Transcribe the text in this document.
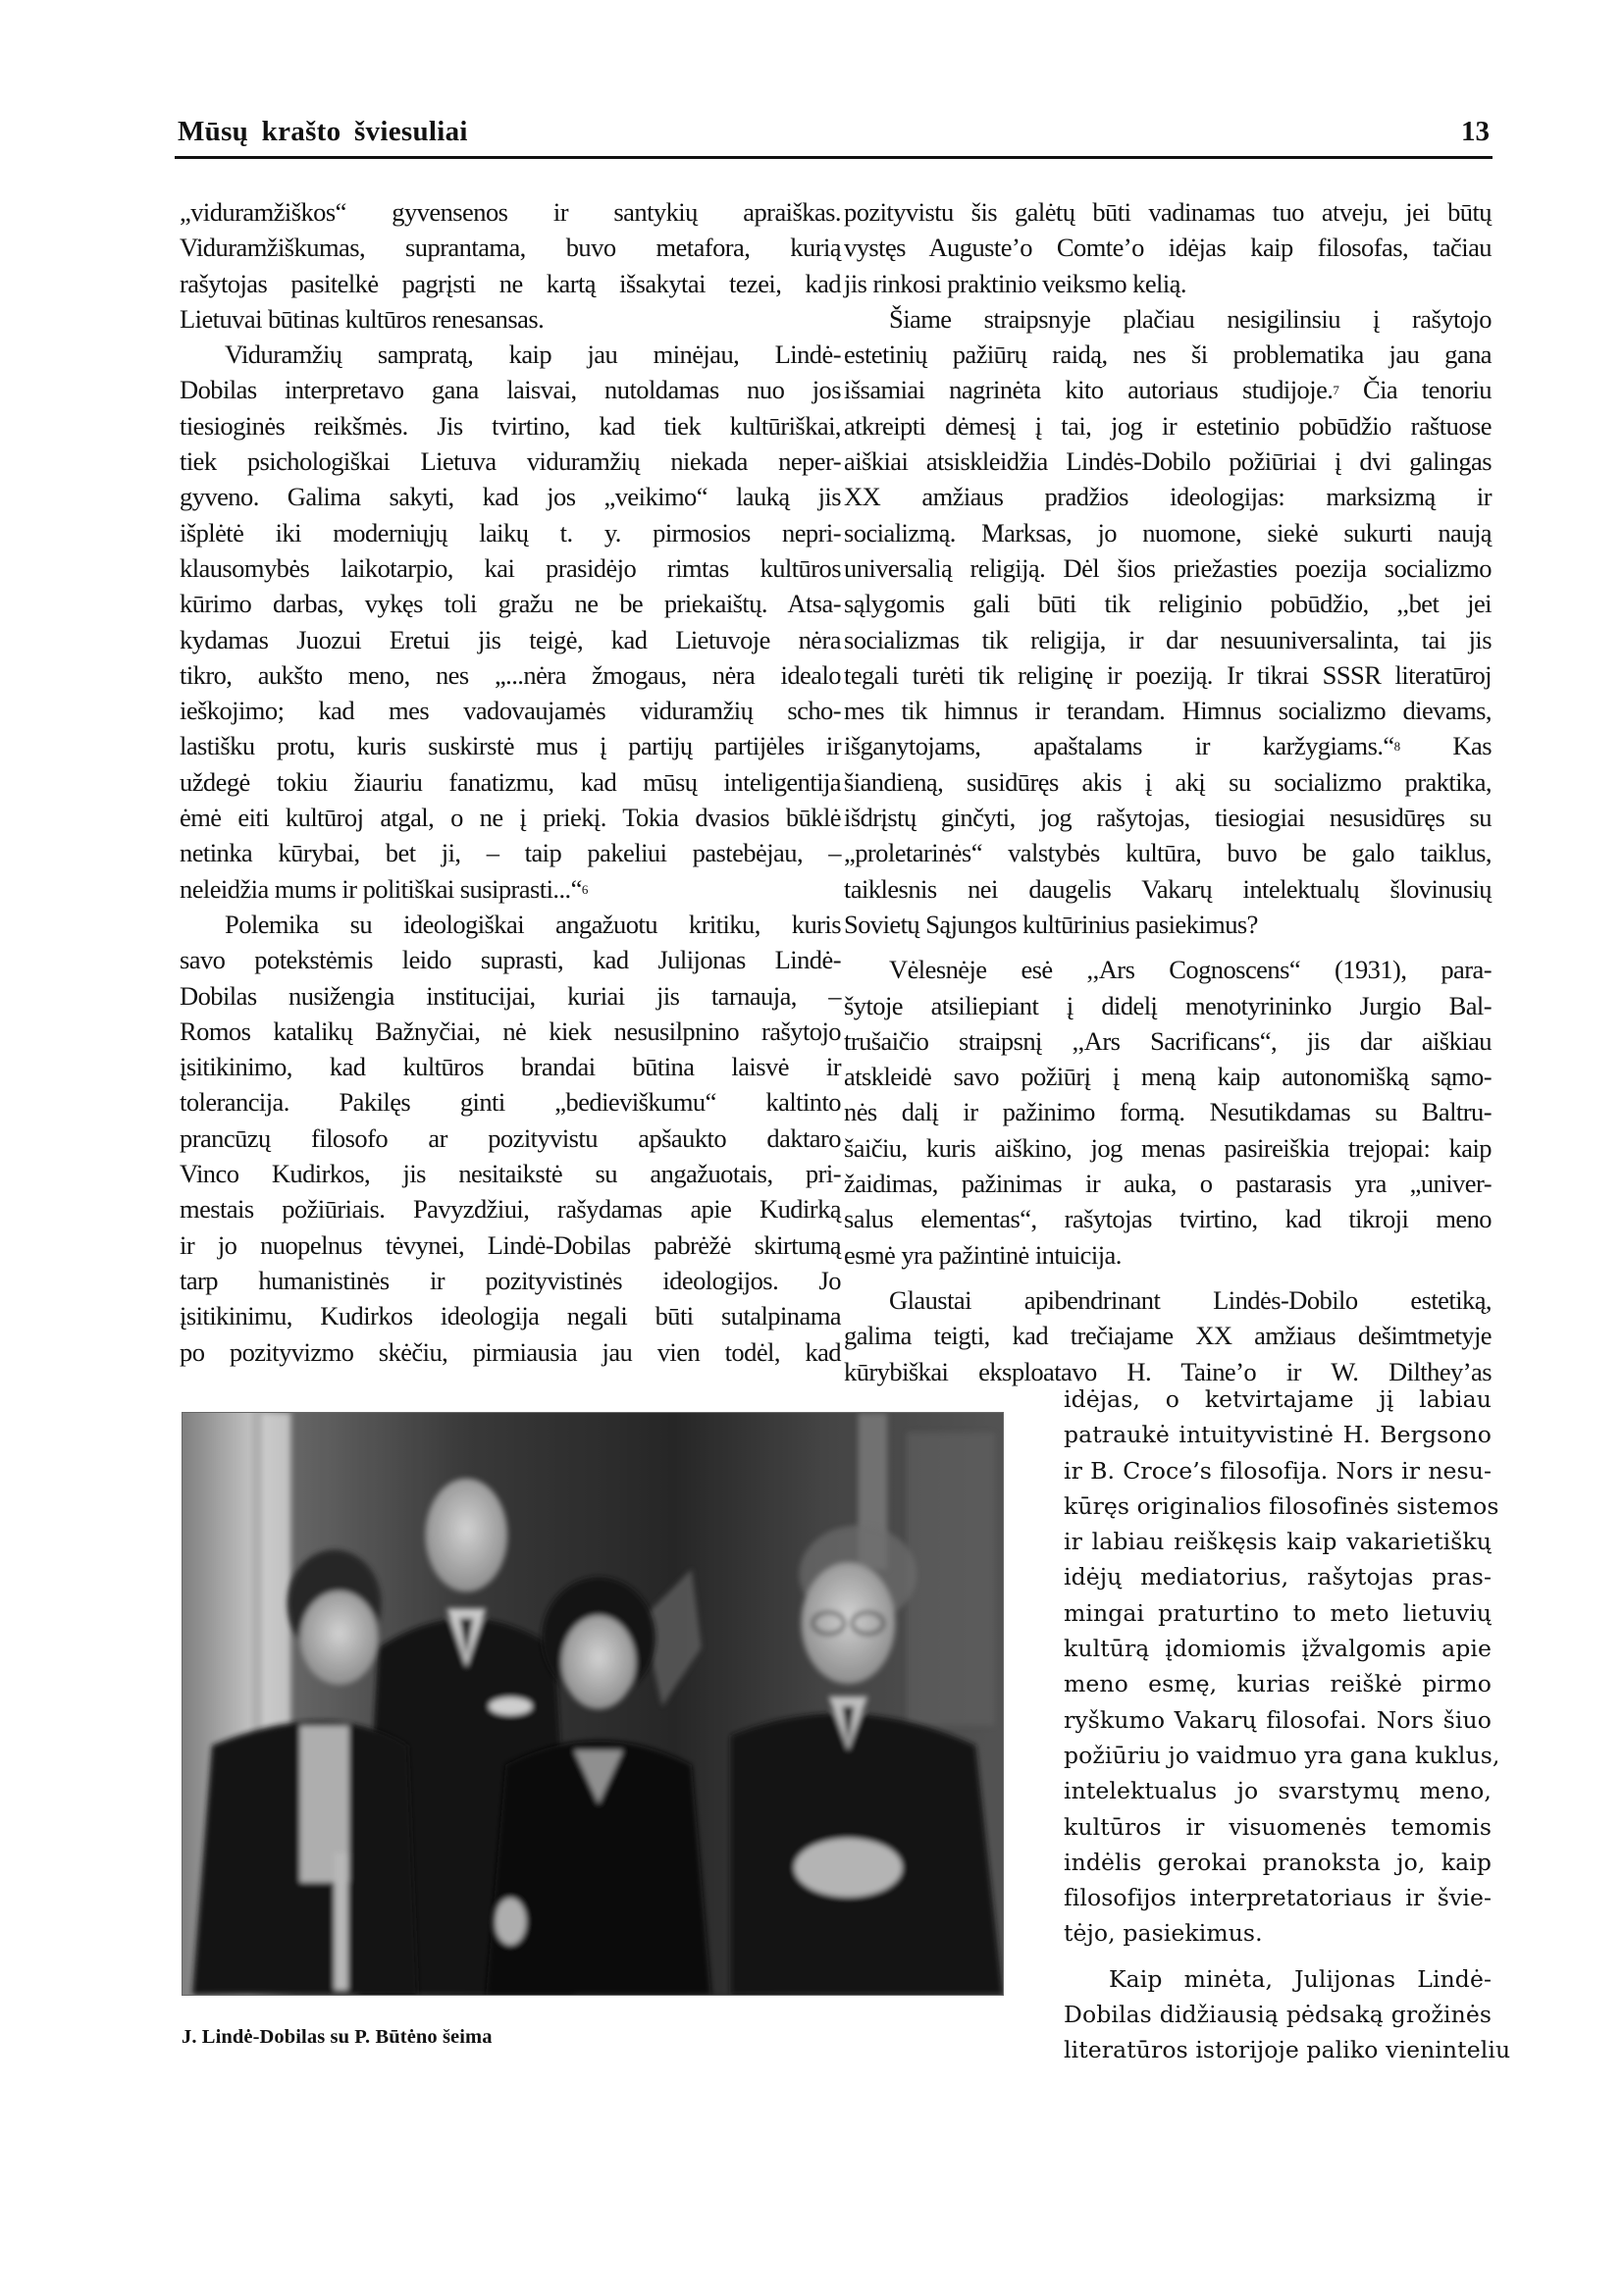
Mūsų krašto šviesuliai	13
„viduramžiškos“ gyvensenos ir santykių apraiškas.
Viduramžiškumas, suprantama, buvo metafora, kurią
rašytojas pasitelkė pagrįsti ne kartą išsakytai tezei, kad
Lietuvai būtinas kultūros renesansas.
Viduramžių sampratą, kaip jau minėjau, Lindė-
Dobilas interpretavo gana laisvai, nutoldamas nuo jos
tiesioginės reikšmės. Jis tvirtino, kad tiek kultūriškai,
tiek psichologiškai Lietuva viduramžių niekada neper-
gyveno. Galima sakyti, kad jos „veikimo“ lauką jis
išplėtė iki moderniųjų laikų t. y. pirmosios nepri-
klausomybės laikotarpio, kai prasidėjo rimtas kultūros
kūrimo darbas, vykęs toli gražu ne be priekaištų. Atsa-
kydamas Juozui Eretui jis teigė, kad Lietuvoje nėra
tikro, aukšto meno, nes „...nėra žmogaus, nėra idealo
ieškojimo; kad mes vadovaujamės viduramžių scho-
lastišku protu, kuris suskirstė mus į partijų partijėles ir
uždegė tokiu žiauriu fanatizmu, kad mūsų inteligentija
ėmė eiti kultūroj atgal, o ne į priekį. Tokia dvasios būklė
netinka kūrybai, bet ji, – taip pakeliui pastebėjau, –
neleidžia mums ir politiškai susiprasti...“$^6$
Polemika su ideologiškai angažuotu kritiku, kuris
savo potekstėmis leido suprasti, kad Julijonas Lindė-
Dobilas nusižengia institucijai, kuriai jis tarnauja, –
Romos katalikų Bažnyčiai, nė kiek nesusilpnino rašytojo
įsitikinimo, kad kultūros brandai būtina laisvė ir
tolerancija. Pakilęs ginti „bedieviškumu“ kaltinto
prancūzų filosofo ar pozityvistu apšaukto daktaro
Vinco Kudirkos, jis nesitaikstė su angažuotais, pri-
mestais požiūriais. Pavyzdžiui, rašydamas apie Kudirką
ir jo nuopelnus tėvynei, Lindė-Dobilas pabrėžė skirtumą
tarp humanistinės ir pozityvistinės ideologijos. Jo
įsitikinimu, Kudirkos ideologija negali būti sutalpinama
po pozityvizmo skėčiu, pirmiausia jau vien todėl, kad
pozityvistu šis galėtų būti vadinamas tuo atveju, jei būtų
vystęs Auguste’o Comte’o idėjas kaip filosofas, tačiau
jis rinkosi praktinio veiksmo kelią.
Šiame straipsnyje plačiau nesigilinsiu į rašytojo
estetinių pažiūrų raidą, nes ši problematika jau gana
išsamiai nagrinėta kito autoriaus studijoje.$^7$ Čia tenoriu
atkreipti dėmesį į tai, jog ir estetinio pobūdžio raštuose
aiškiai atsiskleidžia Lindės-Dobilo požiūriai į dvi galingas
XX amžiaus pradžios ideologijas: marksizmą ir
socializmą. Marksas, jo nuomone, siekė sukurti naują
universalią religiją. Dėl šios priežasties poezija socializmo
sąlygomis gali būti tik religinio pobūdžio, ,,bet jei
socializmas tik religija, ir dar nesuuniversalinta, tai jis
tegali turėti tik religinę ir poeziją. Ir tikrai SSSR literatūroj
mes tik himnus ir terandam. Himnus socializmo dievams,
išganytojams, apaštalams ir karžygiams.“$^8$ Kas
šiandieną, susidūręs akis į akį su socializmo praktika,
išdrįstų ginčyti, jog rašytojas, tiesiogiai nesusidūręs su
„proletarinės“ valstybės kultūra, buvo be galo taiklus,
taiklesnis nei daugelis Vakarų intelektualų šlovinusių
Sovietų Sąjungos kultūrinius pasiekimus?
Vėlesnėje esė ,,Ars Cognoscens“ (1931), para-
šytoje atsiliepiant į didelį menotyrininko Jurgio Bal-
trušaičio straipsnį ,,Ars Sacrificans“, jis dar aiškiau
atskleidė savo požiūrį į meną kaip autonomišką sąmo-
nės dalį ir pažinimo formą. Nesutikdamas su Baltru-
šaičiu, kuris aiškino, jog menas pasireiškia trejopai: kaip
žaidimas, pažinimas ir auka, o pastarasis yra „univer-
salus elementas“, rašytojas tvirtino, kad tikroji meno
esmė yra pažintinė intuicija.
Glaustai apibendrinant Lindės-Dobilo estetiką,
galima teigti, kad trečiajame XX amžiaus dešimtmetyje
kūrybiškai eksploatavo H. Taine’o ir W. Dilthey’as
idėjas, o ketvirtajame jį labiau
patraukė intuityvistinė H. Bergsono
ir B. Croce’s filosofija. Nors ir nesu-
kūręs originalios filosofinės sistemos
ir labiau reiškęsis kaip vakarietiškų
idėjų mediatorius, rašytojas pras-
mingai praturtino to meto lietuvių
kultūrą įdomiomis įžvalgomis apie
meno esmę, kurias reiškė pirmo
ryškumo Vakarų filosofai. Nors šiuo
požiūriu jo vaidmuo yra gana kuklus,
intelektualus jo svarstymų meno,
kultūros ir visuomenės temomis
indėlis gerokai pranoksta jo, kaip
filosofijos interpretatoriaus ir švie-
tėjo, pasiekimus.
Kaip minėta, Julijonas Lindė-
Dobilas didžiausią pėdsaką grožinės
literatūros istorijoje paliko vieninteliu
J. Lindė-Dobilas su P. Būtėno šeima
